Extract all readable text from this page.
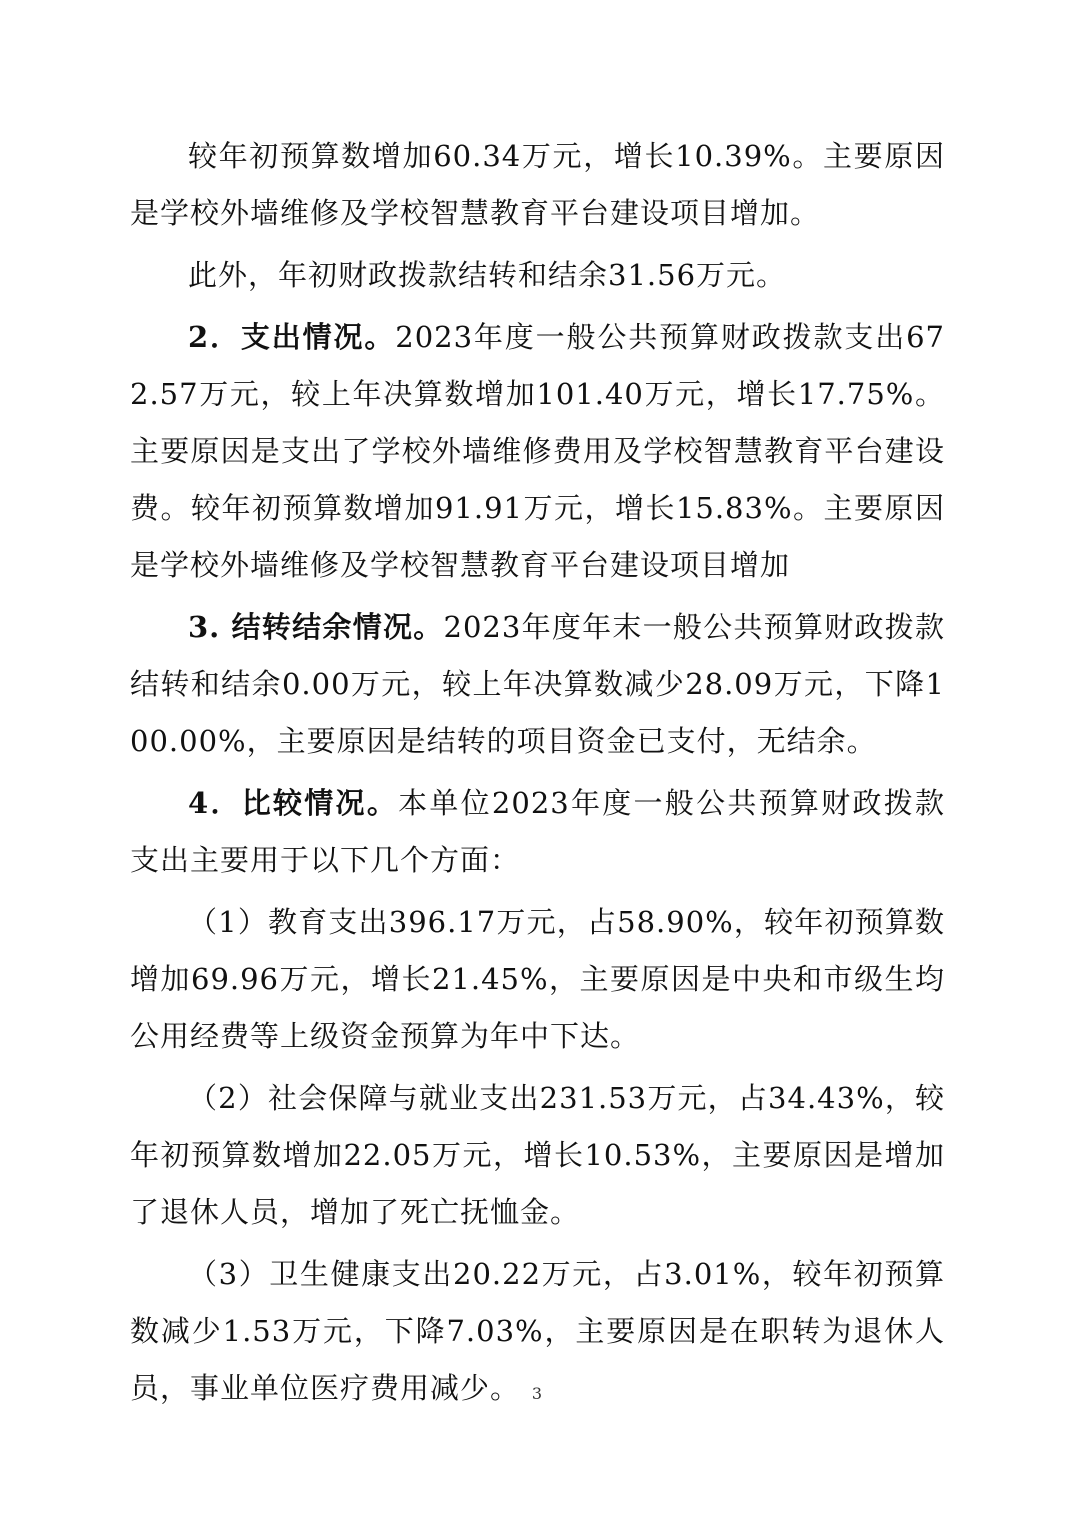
较年初预算数增加60.34万元，增长10.39%。主要原因是学校外墙维修及学校智慧教育平台建设项目增加。

此外，年初财政拨款结转和结余31.56万元。

2．支出情况。2023年度一般公共预算财政拨款支出672.57万元，较上年决算数增加101.40万元，增长17.75%。主要原因是支出了学校外墙维修费用及学校智慧教育平台建设费。较年初预算数增加91.91万元，增长15.83%。主要原因是学校外墙维修及学校智慧教育平台建设项目增加

3. 结转结余情况。2023年度年末一般公共预算财政拨款结转和结余0.00万元，较上年决算数减少28.09万元，下降100.00%，主要原因是结转的项目资金已支付，无结余。

4．比较情况。本单位2023年度一般公共预算财政拨款支出主要用于以下几个方面：

（1）教育支出396.17万元，占58.90%，较年初预算数增加69.96万元，增长21.45%，主要原因是中央和市级生均公用经费等上级资金预算为年中下达。

（2）社会保障与就业支出231.53万元，占34.43%，较年初预算数增加22.05万元，增长10.53%，主要原因是增加了退休人员，增加了死亡抚恤金。

（3）卫生健康支出20.22万元，占3.01%，较年初预算数减少1.53万元，下降7.03%，主要原因是在职转为退休人员，事业单位医疗费用减少。 3
